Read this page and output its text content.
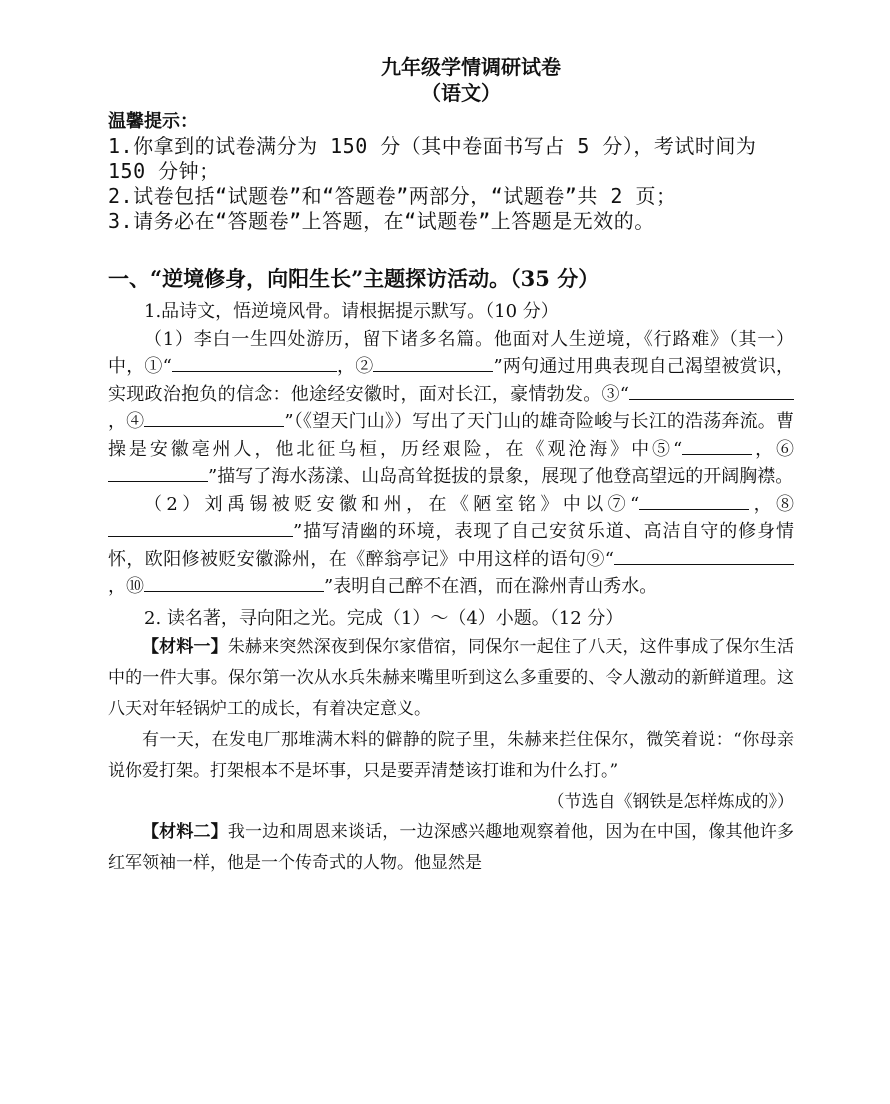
九年级学情调研试卷
（语文）
温馨提示：
1.你拿到的试卷满分为 150 分（其中卷面书写占 5 分），考试时间为 150 分钟；
2.试卷包括“试题卷”和“答题卷”两部分，“试题卷”共 2 页；
3.请务必在“答题卷”上答题，在“试题卷”上答题是无效的。
一、“逆境修身，向阳生长”主题探访活动。（35 分）
1.品诗文，悟逆境风骨。请根据提示默写。（10 分）
（1）李白一生四处游历，留下诸多名篇。他面对人生逆境，《行路难》（其一）中，①“	，②	”两句通过用典表现自己渴望被赏识，实现政治抱负的信念：他途经安徽时，面对长江，豪情勃发。③“，④	”（《望天门山》）写出了天门山的雄奇险峻与长江的浩荡奔流。曹操是安徽亳州人，他北征乌桓，历经艰险，在《观沧海》中⑤“	，⑥”描写了海水荡漾、山岛高耸挺拔的景象，展现了他登高望远的开阔胸襟。
（2）刘禹锡被贬安徽和州，在《陋室铭》中以⑦“	，⑧”描写清幽的环境，表现了自己安贫乐道、高洁自守的修身情怀，欧阳修被贬安徽滁州，在《醉翁亭记》中用这样的语句⑨“，⑩	”表明自己醉不在酒，而在滁州青山秀水。
2. 读名著，寻向阳之光。完成（1）～（4）小题。（12 分）
【材料一】朱赫来突然深夜到保尔家借宿，同保尔一起住了八天，这件事成了保尔生活中的一件大事。保尔第一次从水兵朱赫来嘴里听到这么多重要的、令人激动的新鲜道理。这八天对年轻锅炉工的成长，有着决定意义。
有一天，在发电厂那堆满木料的僻静的院子里，朱赫来拦住保尔，微笑着说：“你母亲说你爱打架。打架根本不是坏事，只是要弄清楚该打谁和为什么打。”
（节选自《钢铁是怎样炼成的》）
【材料二】我一边和周恩来谈话，一边深感兴趣地观察着他，因为在中国，像其他许多红军领袖一样，他是一个传奇式的人物。他显然是
